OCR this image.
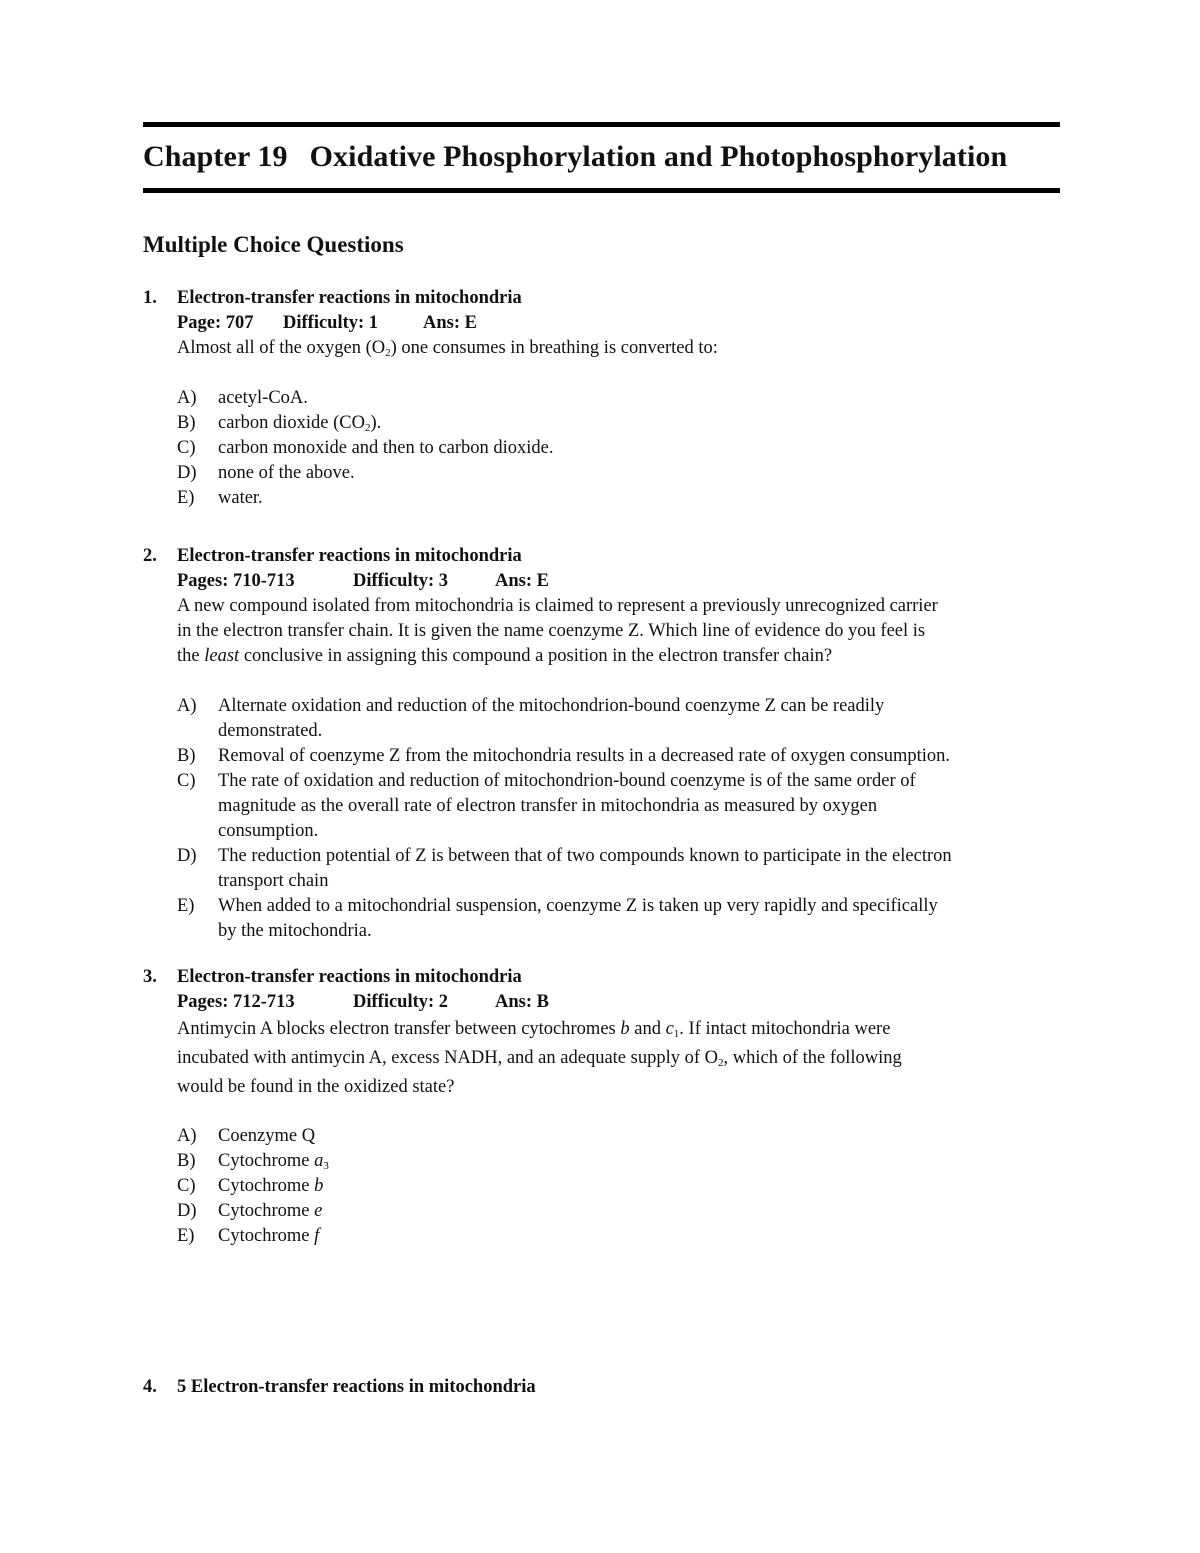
Chapter 19 Oxidative Phosphorylation and Photophosphorylation
Multiple Choice Questions
1. Electron-transfer reactions in mitochondria
Page: 707 Difficulty: 1 Ans: E
Almost all of the oxygen $(O_2)$ one consumes in breathing is converted to:
A) acetyl-CoA.
B) carbon dioxide $(CO_2)$.
C) carbon monoxide and then to carbon dioxide.
D) none of the above.
E) water.
2. Electron-transfer reactions in mitochondria
Pages: 710-713	Difficulty: 3	Ans: E
A new compound isolated from mitochondria is claimed to represent a previously unrecognized carrier
in the electron transfer chain. It is given the name coenzyme Z. Which line of evidence do you feel is
the least conclusive in assigning this compound a position in the electron transfer chain?
A) Alternate oxidation and reduction of the mitochondrion-bound coenzyme Z can be readily
demonstrated.
B) Removal of coenzyme Z from the mitochondria results in a decreased rate of oxygen consumption.
C) The rate of oxidation and reduction of mitochondrion-bound coenzyme is of the same order of
magnitude as the overall rate of electron transfer in mitochondria as measured by oxygen
consumption.
D) The reduction potential of Z is between that of two compounds known to participate in the electron
transport chain
E) When added to a mitochondrial suspension, coenzyme Z is taken up very rapidly and specifically
by the mitochondria.
3. Electron-transfer reactions in mitochondria
Pages: 712-713	Difficulty: 2	Ans: B
Antimycin A blocks electron transfer between cytochromes b and $c_1$. If intact mitochondria were
incubated with antimycin A, excess NADH, and an adequate supply of $O_2$, which of the following
would be found in the oxidized state?
A) Coenzyme Q
B) Cytochrome $a_3$
C) Cytochrome b
D) Cytochrome e
E) Cytochrome f
4. 5 Electron-transfer reactions in mitochondria
